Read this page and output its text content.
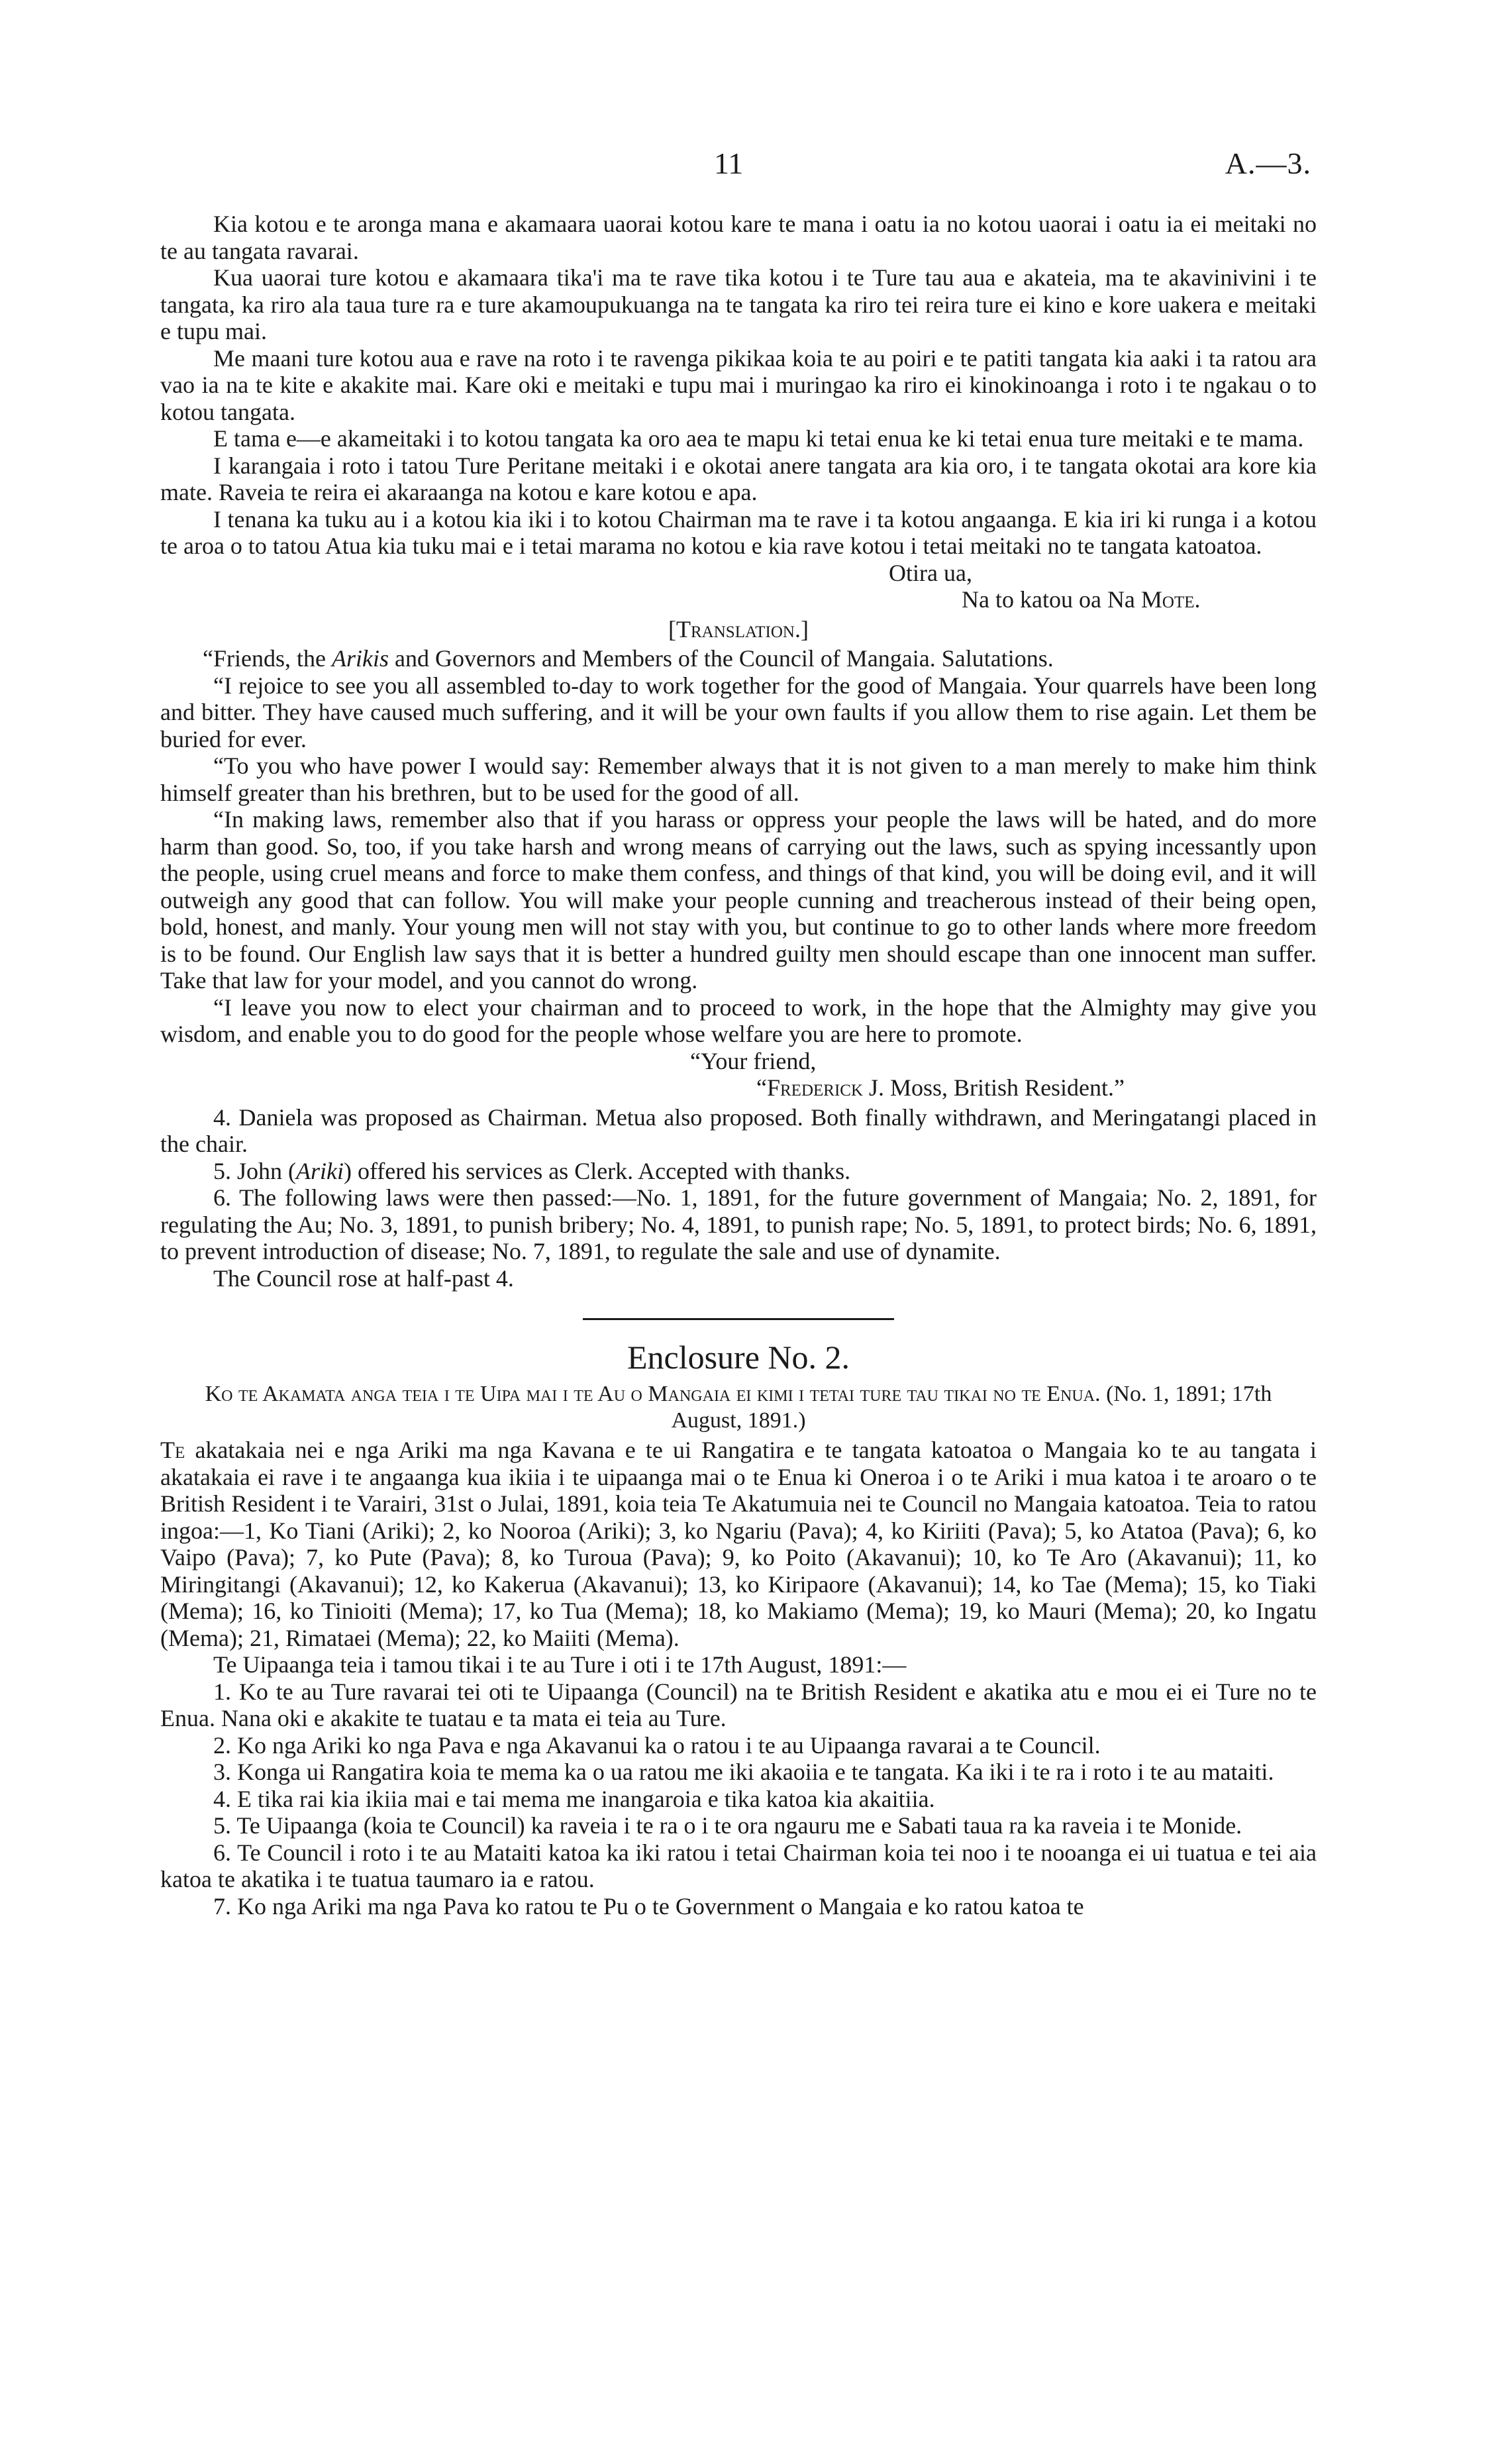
11	A.—3.

Kia kotou e te aronga mana e akamaara uaorai kotou kare te mana i oatu ia no kotou uaorai i oatu ia ei meitaki no te au tangata ravarai.

Kua uaorai ture kotou e akamaara tika'i ma te rave tika kotou i te Ture tau aua e akateia, ma te akavinivini i te tangata, ka riro ala taua ture ra e ture akamoupukuanga na te tangata ka riro tei reira ture ei kino e kore uakera e meitaki e tupu mai.

Me maani ture kotou aua e rave na roto i te ravenga pikikaa koia te au poiri e te patiti tangata kia aaki i ta ratou ara vao ia na te kite e akakite mai. Kare oki e meitaki e tupu mai i muringao ka riro ei kinokinoanga i roto i te ngakau o to kotou tangata.

E tama e—e akameitaki i to kotou tangata ka oro aea te mapu ki tetai enua ke ki tetai enua ture meitaki e te mama.

I karangaia i roto i tatou Ture Peritane meitaki i e okotai anere tangata ara kia oro, i te tangata okotai ara kore kia mate. Raveia te reira ei akaraanga na kotou e kare kotou e apa.

I tenana ka tuku au i a kotou kia iki i to kotou Chairman ma te rave i ta kotou angaanga. E kia iri ki runga i a kotou te aroa o to tatou Atua kia tuku mai e i tetai marama no kotou e kia rave kotou i tetai meitaki no te tangata katoatoa.

Otira ua,

Na to katou oa Na Mote.

[Translation.]

“Friends, the Arikis and Governors and Members of the Council of Mangaia. Salutations.

“I rejoice to see you all assembled to-day to work together for the good of Mangaia. Your quarrels have been long and bitter. They have caused much suffering, and it will be your own faults if you allow them to rise again. Let them be buried for ever.

“To you who have power I would say: Remember always that it is not given to a man merely to make him think himself greater than his brethren, but to be used for the good of all.

“In making laws, remember also that if you harass or oppress your people the laws will be hated, and do more harm than good. So, too, if you take harsh and wrong means of carrying out the laws, such as spying incessantly upon the people, using cruel means and force to make them confess, and things of that kind, you will be doing evil, and it will outweigh any good that can follow. You will make your people cunning and treacherous instead of their being open, bold, honest, and manly. Your young men will not stay with you, but continue to go to other lands where more freedom is to be found. Our English law says that it is better a hundred guilty men should escape than one innocent man suffer. Take that law for your model, and you cannot do wrong.

“I leave you now to elect your chairman and to proceed to work, in the hope that the Almighty may give you wisdom, and enable you to do good for the people whose welfare you are here to promote.

“Your friend,

“Frederick J. Moss, British Resident.”

4. Daniela was proposed as Chairman. Metua also proposed. Both finally withdrawn, and Meringatangi placed in the chair.

5. John (Ariki) offered his services as Clerk. Accepted with thanks.

6. The following laws were then passed:—No. 1, 1891, for the future government of Mangaia; No. 2, 1891, for regulating the Au; No. 3, 1891, to punish bribery; No. 4, 1891, to punish rape; No. 5, 1891, to protect birds; No. 6, 1891, to prevent introduction of disease; No. 7, 1891, to regulate the sale and use of dynamite.

The Council rose at half-past 4.

Enclosure No. 2.

Ko te Akamata anga teia i te Uipa mai i te Au o Mangaia ei kimi i tetai ture tau tikai no te Enua. (No. 1, 1891; 17th August, 1891.)

Te akatakaia nei e nga Ariki ma nga Kavana e te ui Rangatira e te tangata katoatoa o Mangaia ko te au tangata i akatakaia ei rave i te angaanga kua ikiia i te uipaanga mai o te Enua ki Oneroa i o te Ariki i mua katoa i te aroaro o te British Resident i te Varairi, 31st o Julai, 1891, koia teia Te Akatumuia nei te Council no Mangaia katoatoa. Teia to ratou ingoa:—1, Ko Tiani (Ariki); 2, ko Nooroa (Ariki); 3, ko Ngariu (Pava); 4, ko Kiriiti (Pava); 5, ko Atatoa (Pava); 6, ko Vaipo (Pava); 7, ko Pute (Pava); 8, ko Turoua (Pava); 9, ko Poito (Akavanui); 10, ko Te Aro (Akavanui); 11, ko Miringitangi (Akavanui); 12, ko Kakerua (Akavanui); 13, ko Kiripaore (Akavanui); 14, ko Tae (Mema); 15, ko Tiaki (Mema); 16, ko Tinioiti (Mema); 17, ko Tua (Mema); 18, ko Makiamo (Mema); 19, ko Mauri (Mema); 20, ko Ingatu (Mema); 21, Rimataei (Mema); 22, ko Maiiti (Mema).

Te Uipaanga teia i tamou tikai i te au Ture i oti i te 17th August, 1891:—

1. Ko te au Ture ravarai tei oti te Uipaanga (Council) na te British Resident e akatika atu e mou ei ei Ture no te Enua. Nana oki e akakite te tuatau e ta mata ei teia au Ture.

2. Ko nga Ariki ko nga Pava e nga Akavanui ka o ratou i te au Uipaanga ravarai a te Council.

3. Konga ui Rangatira koia te mema ka o ua ratou me iki akaoiia e te tangata. Ka iki i te ra i roto i te au mataiti.

4. E tika rai kia ikiia mai e tai mema me inangaroia e tika katoa kia akaitiia.

5. Te Uipaanga (koia te Council) ka raveia i te ra o i te ora ngauru me e Sabati taua ra ka raveia i te Monide.

6. Te Council i roto i te au Mataiti katoa ka iki ratou i tetai Chairman koia tei noo i te nooanga ei ui tuatua e tei aia katoa te akatika i te tuatua taumaro ia e ratou.

7. Ko nga Ariki ma nga Pava ko ratou te Pu o te Government o Mangaia e ko ratou katoa te
